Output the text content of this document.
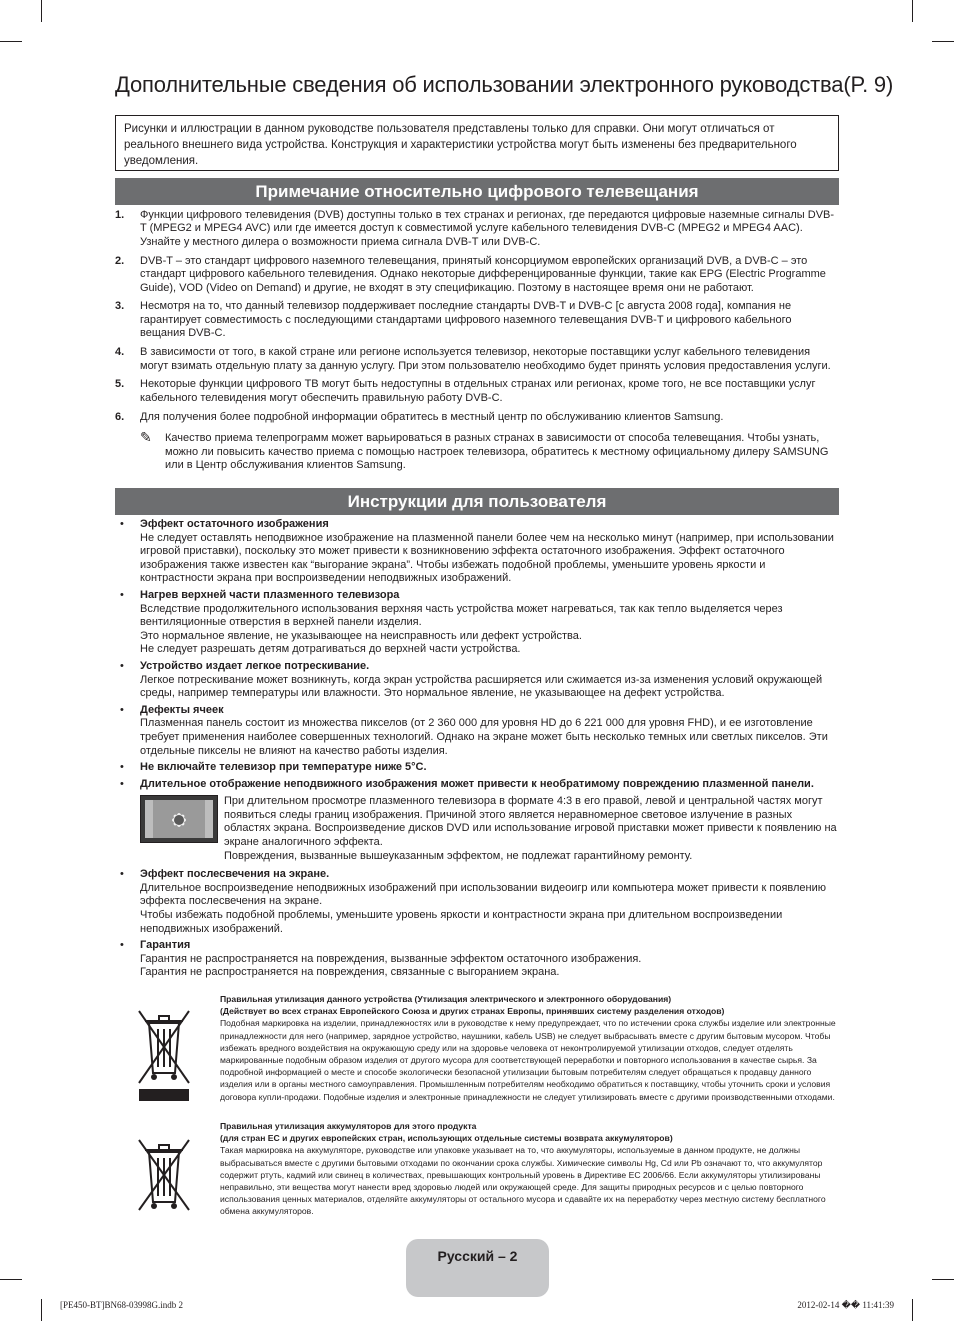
Дополнительные сведения об использовании электронного руководства(P. 9)
Рисунки и иллюстрации в данном руководстве пользователя представлены только для справки. Они могут отличаться от реального внешнего вида устройства. Конструкция и характеристики устройства могут быть изменены без предварительного уведомления.
Примечание относительно цифрового телевещания
1. Функции цифрового телевидения (DVB) доступны только в тех странах и регионах, где передаются цифровые наземные сигналы DVB-T (MPEG2 и MPEG4 AVC) или где имеется доступ к совместимой услуге кабельного телевидения DVB-C (MPEG2 и MPEG4 AAC). Узнайте у местного дилера о возможности приема сигнала DVB-T или DVB-C.
2. DVB-T – это стандарт цифрового наземного телевещания, принятый консорциумом европейских организаций DVB, а DVB-C – это стандарт цифрового кабельного телевидения. Однако некоторые дифференцированные функции, такие как EPG (Electric Programme Guide), VOD (Video on Demand) и другие, не входят в эту спецификацию. Поэтому в настоящее время они не работают.
3. Несмотря на то, что данный телевизор поддерживает последние стандарты DVB-T и DVB-C [с августа 2008 года], компания не гарантирует совместимость с последующими стандартами цифрового наземного телевещания DVB-T и цифрового кабельного вещания DVB-C.
4. В зависимости от того, в какой стране или регионе используется телевизор, некоторые поставщики услуг кабельного телевидения могут взимать отдельную плату за данную услугу. При этом пользователю необходимо будет принять условия предоставления услуги.
5. Некоторые функции цифрового ТВ могут быть недоступны в отдельных странах или регионах, кроме того, не все поставщики услуг кабельного телевидения могут обеспечить правильную работу DVB-C.
6. Для получения более подробной информации обратитесь в местный центр по обслуживанию клиентов Samsung.
✎ Качество приема телепрограмм может варьироваться в разных странах в зависимости от способа телевещания. Чтобы узнать, можно ли повысить качество приема с помощью настроек телевизора, обратитесь к местному официальному дилеру SAMSUNG или в Центр обслуживания клиентов Samsung.
Инструкции для пользователя
• Эффект остаточного изображения

Не следует оставлять неподвижное изображение на плазменной панели более чем на несколько минут (например, при использовании игровой приставки), поскольку это может привести к возникновению эффекта остаточного изображения. Эффект остаточного изображения также известен как “выгорание экрана”. Чтобы избежать подобной проблемы, уменьшите уровень яркости и контрастности экрана при воспроизведении неподвижных изображений.

• Нагрев верхней части плазменного телевизора

Вследствие продолжительного использования верхняя часть устройства может нагреваться, так как тепло выделяется через вентиляционные отверстия в верхней панели изделия.

Это нормальное явление, не указывающее на неисправность или дефект устройства.

Не следует разрешать детям дотрагиваться до верхней части устройства.

• Устройство издает легкое потрескивание.

Легкое потрескивание может возникнуть, когда экран устройства расширяется или сжимается из-за изменения условий окружающей среды, например температуры или влажности. Это нормальное явление, не указывающее на дефект устройства.

• Дефекты ячеек

Плазменная панель состоит из множества пикселов (от 2 360 000 для уровня HD до 6 221 000 для уровня FHD), и ее изготовление требует применения наиболее совершенных технологий. Однако на экране может быть несколько темных или светлых пикселов. Эти отдельные пикселы не влияют на качество работы изделия.

• Не включайте телевизор при температуре ниже 5°C.

• Длительное отображение неподвижного изображения может привести к необратимому повреждению плазменной панели.

При длительном просмотре плазменного телевизора в формате 4:3 в его правой, левой и центральной частях могут появиться следы границ изображения. Причиной этого является неравномерное световое излучение в разных областях экрана. Воспроизведение дисков DVD или использование игровой приставки может привести к появлению на экране аналогичного эффекта.

Повреждения, вызванные вышеуказанным эффектом, не подлежат гарантийному ремонту.

• Эффект послесвечения на экране.

Длительное воспроизведение неподвижных изображений при использовании видеоигр или компьютера может привести к появлению эффекта послесвечения на экране.

Чтобы избежать подобной проблемы, уменьшите уровень яркости и контрастности экрана при длительном воспроизведении неподвижных изображений.

• Гарантия

Гарантия не распространяется на повреждения, вызванные эффектом остаточного изображения.

Гарантия не распространяется на повреждения, связанные с выгоранием экрана.

Правильная утилизация данного устройства (Утилизация электрического и электронного оборудования)
(Действует во всех странах Европейского Союза и других странах Европы, принявших систему разделения отходов)
Подобная маркировка на изделии, принадлежностях или в руководстве к нему предупреждает, что по истечении срока службы изделие или электронные принадлежности для него (например, зарядное устройство, наушники, кабель USB) не следует выбрасывать вместе с другим бытовым мусором. Чтобы избежать вредного воздействия на окружающую среду или на здоровье человека от неконтролируемой утилизации отходов, следует отделять маркированные подобным образом изделия от другого мусора для соответствующей переработки и повторного использования в качестве сырья. За подробной информацией о месте и способе экологически безопасной утилизации бытовым потребителям следует обращаться к продавцу данного изделия или в органы местного самоуправления. Промышленным потребителям необходимо обратиться к поставщику, чтобы уточнить сроки и условия договора купли-продажи. Подобные изделия и электронные принадлежности не следует утилизировать вместе с другими производственными отходами.
Правильная утилизация аккумуляторов для этого продукта
(для стран ЕС и других европейских стран, использующих отдельные системы возврата аккумуляторов)
Такая маркировка на аккумуляторе, руководстве или упаковке указывает на то, что аккумуляторы, используемые в данном продукте, не должны выбрасываться вместе с другими бытовыми отходами по окончании срока службы. Химические символы Hg, Cd или Pb означают то, что аккумулятор содержит ртуть, кадмий или свинец в количествах, превышающих контрольный уровень в Директиве ЕС 2006/66. Если аккумуляторы утилизированы неправильно, эти вещества могут нанести вред здоровью людей или окружающей среде. Для защиты природных ресурсов и с целью повторного использования ценных материалов, отделяйте аккумуляторы от остального мусора и сдавайте их на переработку через местную систему бесплатного обмена аккумуляторов.
Русский – 2
[PE450-BT]BN68-03998G.indb 2	2012-02-14 �� 11:41:39
